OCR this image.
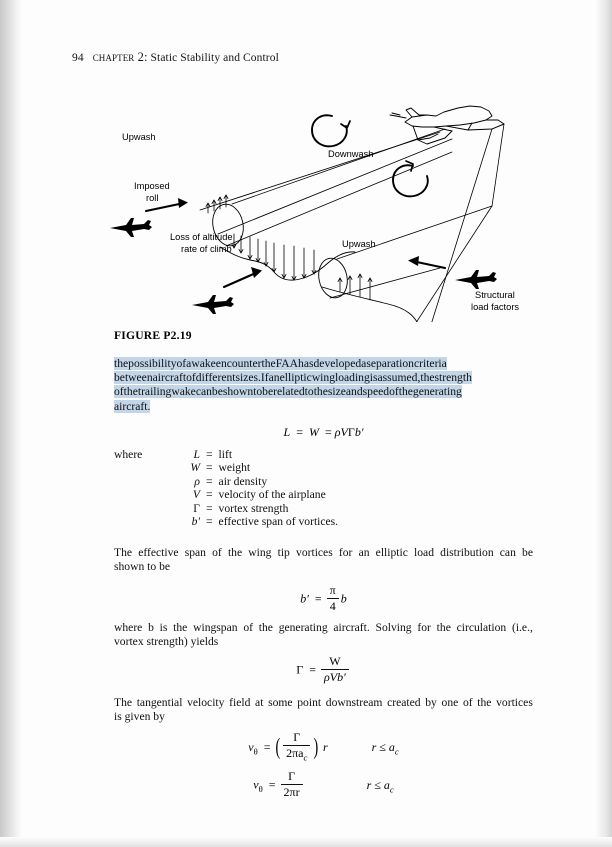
94 chapter 2: Static Stability and Control
Upwash
Imposed
roll
Downwash
Loss of altitude
rate of climb	Upwash
Structural
load factors
FIGURE P2.19
thepossibilityofawakeencountertheFAAhasdevelopedaseparationcriteria
betweenaircraftofdifferentsizes.Ifanellipticwingloadingisassumed,thestrength
ofthetrailingwakecanbeshowntoberelatedtothesizeandspeedofthegenerating
aircraft.
L  =  W  = ρVΓb′
where	L	=	lift
	W	=	weight
	ρ	=	air density
	V	=	velocity of the airplane
	Γ	=	vortex strength
	b′	=	effective span of vortices.
The effective span of the wing tip vortices for an elliptic load distribution can be
shown to be
$b' = \frac{\pi}{4}$ b
where b is the wingspan of the generating aircraft. Solving for the circulation (i.e.,
vortex strength) yields
$\Gamma = \frac{W}{\text{ρVb′}}$
The tangential velocity field at some point downstream created by one of the vortices
is given by
$v_\theta$  = ( $\frac{\Gamma}{2\pi a_c}$ ) r	$r \le a_c$
$v_\theta = \frac{\Gamma}{2\pi r}$	$r \le a_c$
